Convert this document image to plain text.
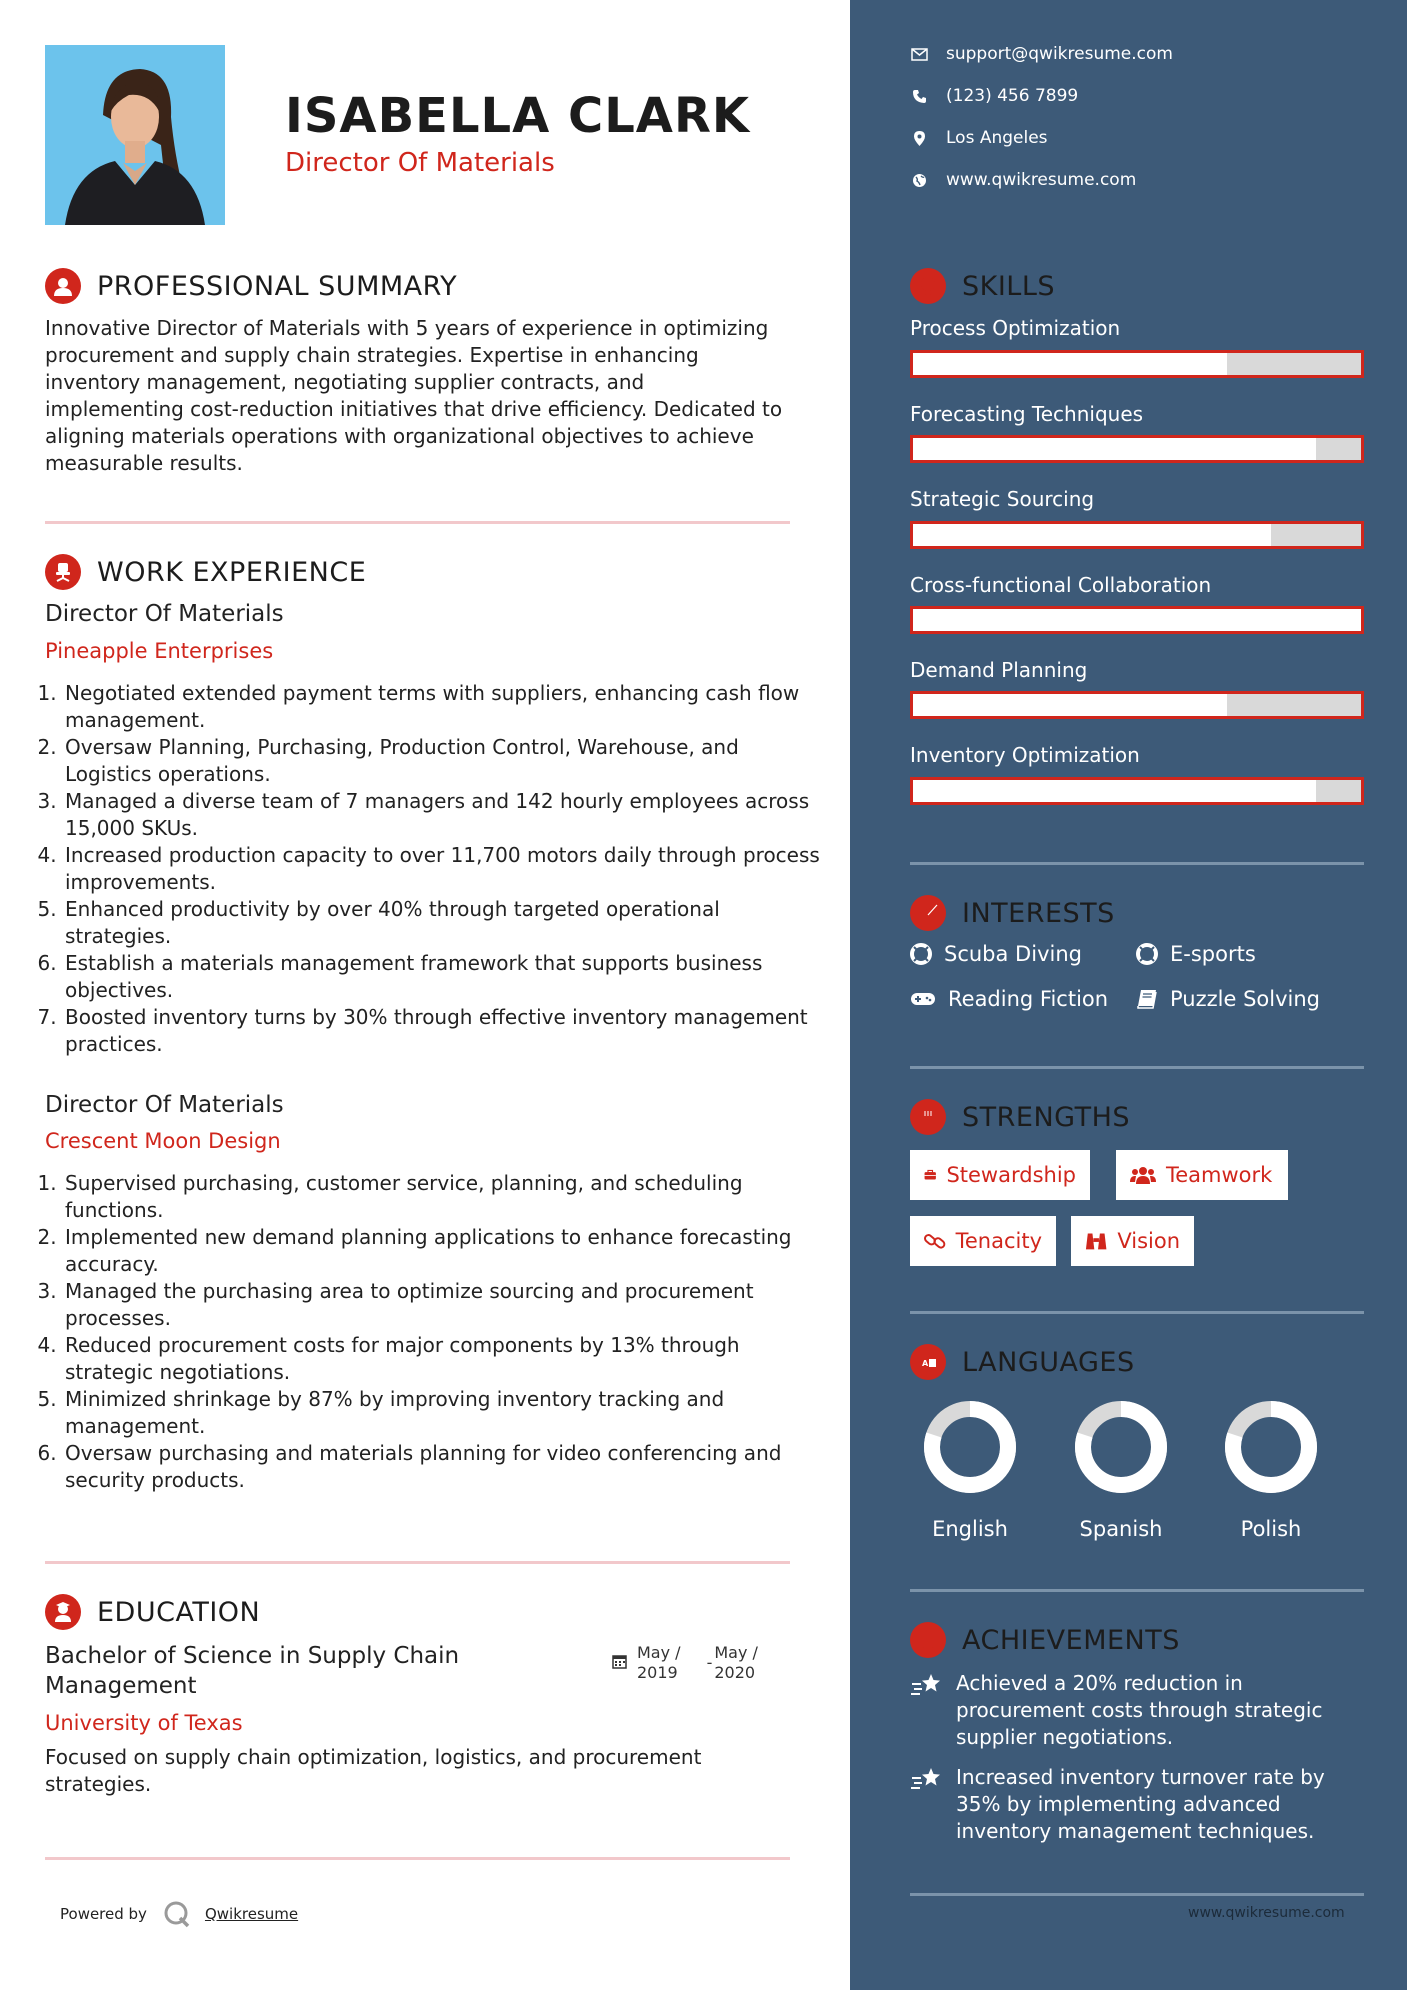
ISABELLA CLARK
Director Of Materials
PROFESSIONAL SUMMARY
Innovative Director of Materials with 5 years of experience in optimizing procurement and supply chain strategies. Expertise in enhancing inventory management, negotiating supplier contracts, and implementing cost-reduction initiatives that drive efficiency. Dedicated to aligning materials operations with organizational objectives to achieve measurable results.
WORK EXPERIENCE
Director Of Materials
Pineapple Enterprises
1. Negotiated extended payment terms with suppliers, enhancing cash flow management.
2. Oversaw Planning, Purchasing, Production Control, Warehouse, and Logistics operations.
3. Managed a diverse team of 7 managers and 142 hourly employees across 15,000 SKUs.
4. Increased production capacity to over 11,700 motors daily through process improvements.
5. Enhanced productivity by over 40% through targeted operational strategies.
6. Establish a materials management framework that supports business objectives.
7. Boosted inventory turns by 30% through effective inventory management practices.
Director Of Materials
Crescent Moon Design
1. Supervised purchasing, customer service, planning, and scheduling functions.
2. Implemented new demand planning applications to enhance forecasting accuracy.
3. Managed the purchasing area to optimize sourcing and procurement processes.
4. Reduced procurement costs for major components by 13% through strategic negotiations.
5. Minimized shrinkage by 87% by improving inventory tracking and management.
6. Oversaw purchasing and materials planning for video conferencing and security products.
EDUCATION
Bachelor of Science in Supply Chain
Management
University of Texas
May /
2019
-
May /
2020
Focused on supply chain optimization, logistics, and procurement strategies.
Powered by	Qwikresume
support@qwikresume.com
(123) 456 7899
Los Angeles
www.qwikresume.com
SKILLS
Process Optimization
Forecasting Techniques
Strategic Sourcing
Cross-functional Collaboration
Demand Planning
Inventory Optimization
INTERESTS
Scuba Diving	E-sports
Reading Fiction	Puzzle Solving
STRENGTHS
Stewardship	Teamwork
Tenacity	Vision
A LANGUAGES
English	Spanish	Polish
ACHIEVEMENTS
Achieved a 20% reduction in procurement costs through strategic supplier negotiations.
Increased inventory turnover rate by 35% by implementing advanced inventory management techniques.
www.qwikresume.com
